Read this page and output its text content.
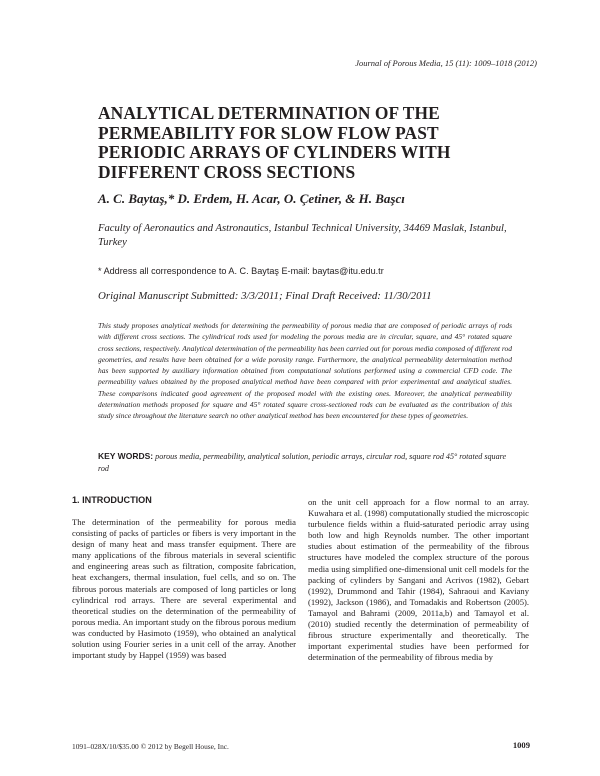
Journal of Porous Media, 15 (11): 1009–1018 (2012)
ANALYTICAL DETERMINATION OF THE PERMEABILITY FOR SLOW FLOW PAST PERIODIC ARRAYS OF CYLINDERS WITH DIFFERENT CROSS SECTIONS
A. C. Baytaş,* D. Erdem, H. Acar, O. Çetiner, & H. Başcı
Faculty of Aeronautics and Astronautics, Istanbul Technical University, 34469 Maslak, Istanbul, Turkey
* Address all correspondence to A. C. Baytaş E-mail: baytas@itu.edu.tr
Original Manuscript Submitted: 3/3/2011; Final Draft Received: 11/30/2011
This study proposes analytical methods for determining the permeability of porous media that are composed of periodic arrays of rods with different cross sections. The cylindrical rods used for modeling the porous media are in circular, square, and 45° rotated square cross sections, respectively. Analytical determination of the permeability has been carried out for porous media composed of different rod geometries, and results have been obtained for a wide porosity range. Furthermore, the analytical permeability determination method has been supported by auxiliary information obtained from computational solutions performed using a commercial CFD code. The permeability values obtained by the proposed analytical method have been compared with prior experimental and analytical studies. These comparisons indicated good agreement of the proposed model with the existing ones. Moreover, the analytical permeability determination methods proposed for square and 45° rotated square cross-sectioned rods can be evaluated as the contribution of this study since throughout the literature search no other analytical method has been encountered for these types of geometries.
KEY WORDS: porous media, permeability, analytical solution, periodic arrays, circular rod, square rod 45° rotated square rod
1. INTRODUCTION

The determination of the permeability for porous media consisting of packs of particles or fibers is very important in the design of many heat and mass transfer equipment. There are many applications of the fibrous materials in several scientific and engineering areas such as filtration, composite fabrication, heat exchangers, thermal insulation, fuel cells, and so on. The fibrous porous materials are composed of long particles or long cylindrical rod arrays. There are several experimental and theoretical studies on the determination of the permeability of porous media. An important study on the fibrous porous medium was conducted by Hasimoto (1959), who obtained an analytical solution using Fourier series in a unit cell of the array. Another important study by Happel (1959) was based

on the unit cell approach for a flow normal to an array. Kuwahara et al. (1998) computationally studied the microscopic turbulence fields within a fluid-saturated periodic array using both low and high Reynolds number. The other important studies about estimation of the permeability of the fibrous structures have modeled the complex structure of the porous media using simplified one-dimensional unit cell models for the packing of cylinders by Sangani and Acrivos (1982), Gebart (1992), Drummond and Tahir (1984), Sahraoui and Kaviany (1992), Jackson (1986), and Tomadakis and Robertson (2005). Tamayol and Bahrami (2009, 2011a,b) and Tamayol et al. (2010) studied recently the determination of permeability of fibrous structure experimentally and theoretically. The important experimental studies have been performed for determination of the permeability of fibrous media by

1091–028X/10/$35.00 © 2012 by Begell House, Inc.	1009
